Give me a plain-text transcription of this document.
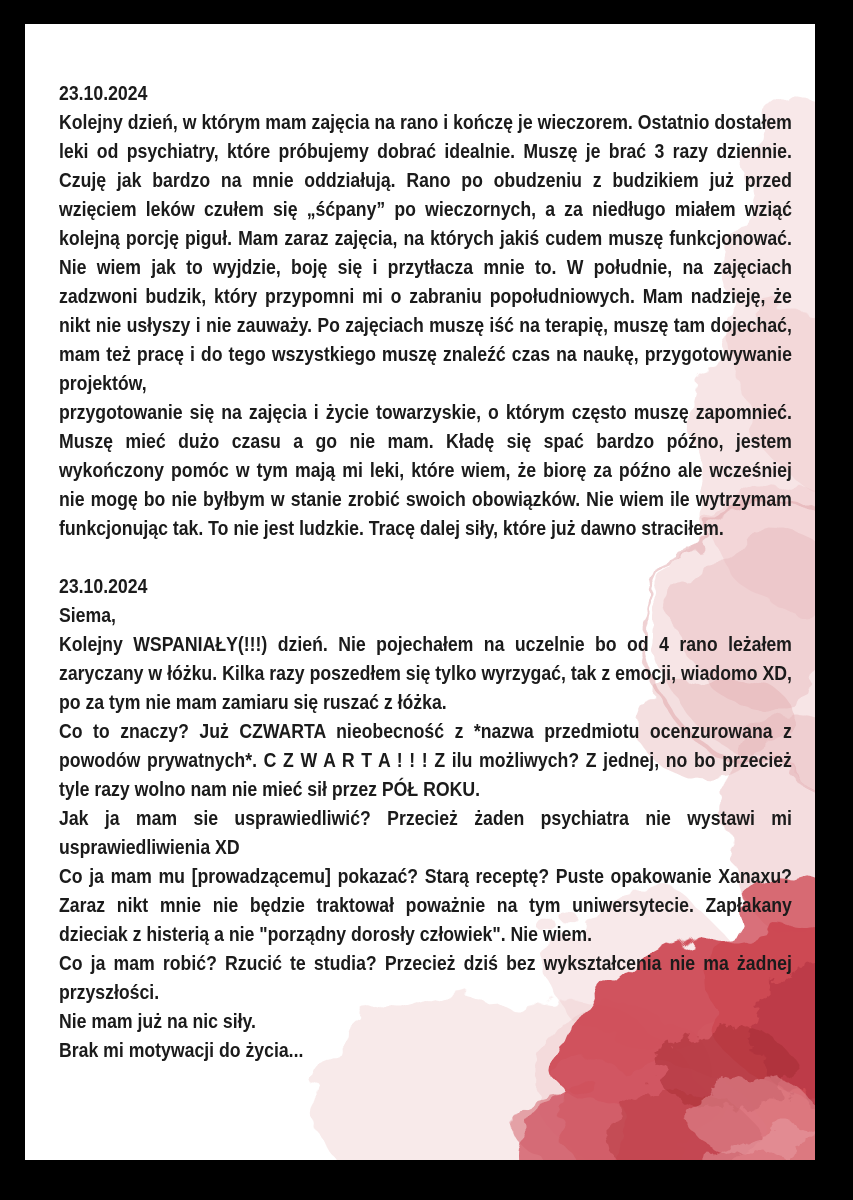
23.10.2024

Kolejny dzień, w którym mam zajęcia na rano i kończę je wieczorem. Ostatnio dostałem leki od psychiatry, które próbujemy dobrać idealnie. Muszę je brać 3 razy dziennie. Czuję jak bardzo na mnie oddziałują. Rano po obudzeniu z budzikiem już przed wzięciem leków czułem się „śćpany” po wieczornych, a za niedługo miałem wziąć kolejną porcję piguł. Mam zaraz zajęcia, na których jakiś cudem muszę funkcjonować. Nie wiem jak to wyjdzie, boję się i przytłacza mnie to. W południe, na zajęciach zadzwoni budzik, który przypomni mi o zabraniu popołudniowych. Mam nadzieję, że nikt nie usłyszy i nie zauważy. Po zajęciach muszę iść na terapię, muszę tam dojechać, mam też pracę i do tego wszystkiego muszę znaleźć czas na naukę, przygotowywanie projektów,

przygotowanie się na zajęcia i życie towarzyskie, o którym często muszę zapomnieć. Muszę mieć dużo czasu a go nie mam. Kładę się spać bardzo późno, jestem wykończony pomóc w tym mają mi leki, które wiem, że biorę za późno ale wcześniej nie mogę bo nie byłbym w stanie zrobić swoich obowiązków. Nie wiem ile wytrzymam funkcjonując tak. To nie jest ludzkie. Tracę dalej siły, które już dawno straciłem.

23.10.2024

Siema,

Kolejny WSPANIAŁY(!!!) dzień. Nie pojechałem na uczelnie bo od 4 rano leżałem zaryczany w łóżku. Kilka razy poszedłem się tylko wyrzygać, tak z emocji, wiadomo XD, po za tym nie mam zamiaru się ruszać z łóżka.

Co to znaczy? Już CZWARTA nieobecność z *nazwa przedmiotu ocenzurowana z powodów prywatnych*. C Z W A R T A ! ! ! Z ilu możliwych? Z jednej, no bo przecież tyle razy wolno nam nie mieć sił przez PÓŁ ROKU.

Jak ja mam sie usprawiedliwić? Przecież żaden psychiatra nie wystawi mi usprawiedliwienia XD

Co ja mam mu [prowadzącemu] pokazać? Starą receptę? Puste opakowanie Xanaxu? Zaraz nikt mnie nie będzie traktował poważnie na tym uniwersytecie. Zapłakany dzieciak z histerią a nie "porządny dorosły człowiek". Nie wiem.

Co ja mam robić? Rzucić te studia? Przecież dziś bez wykształcenia nie ma żadnej przyszłości.

Nie mam już na nic siły.

Brak mi motywacji do życia...
